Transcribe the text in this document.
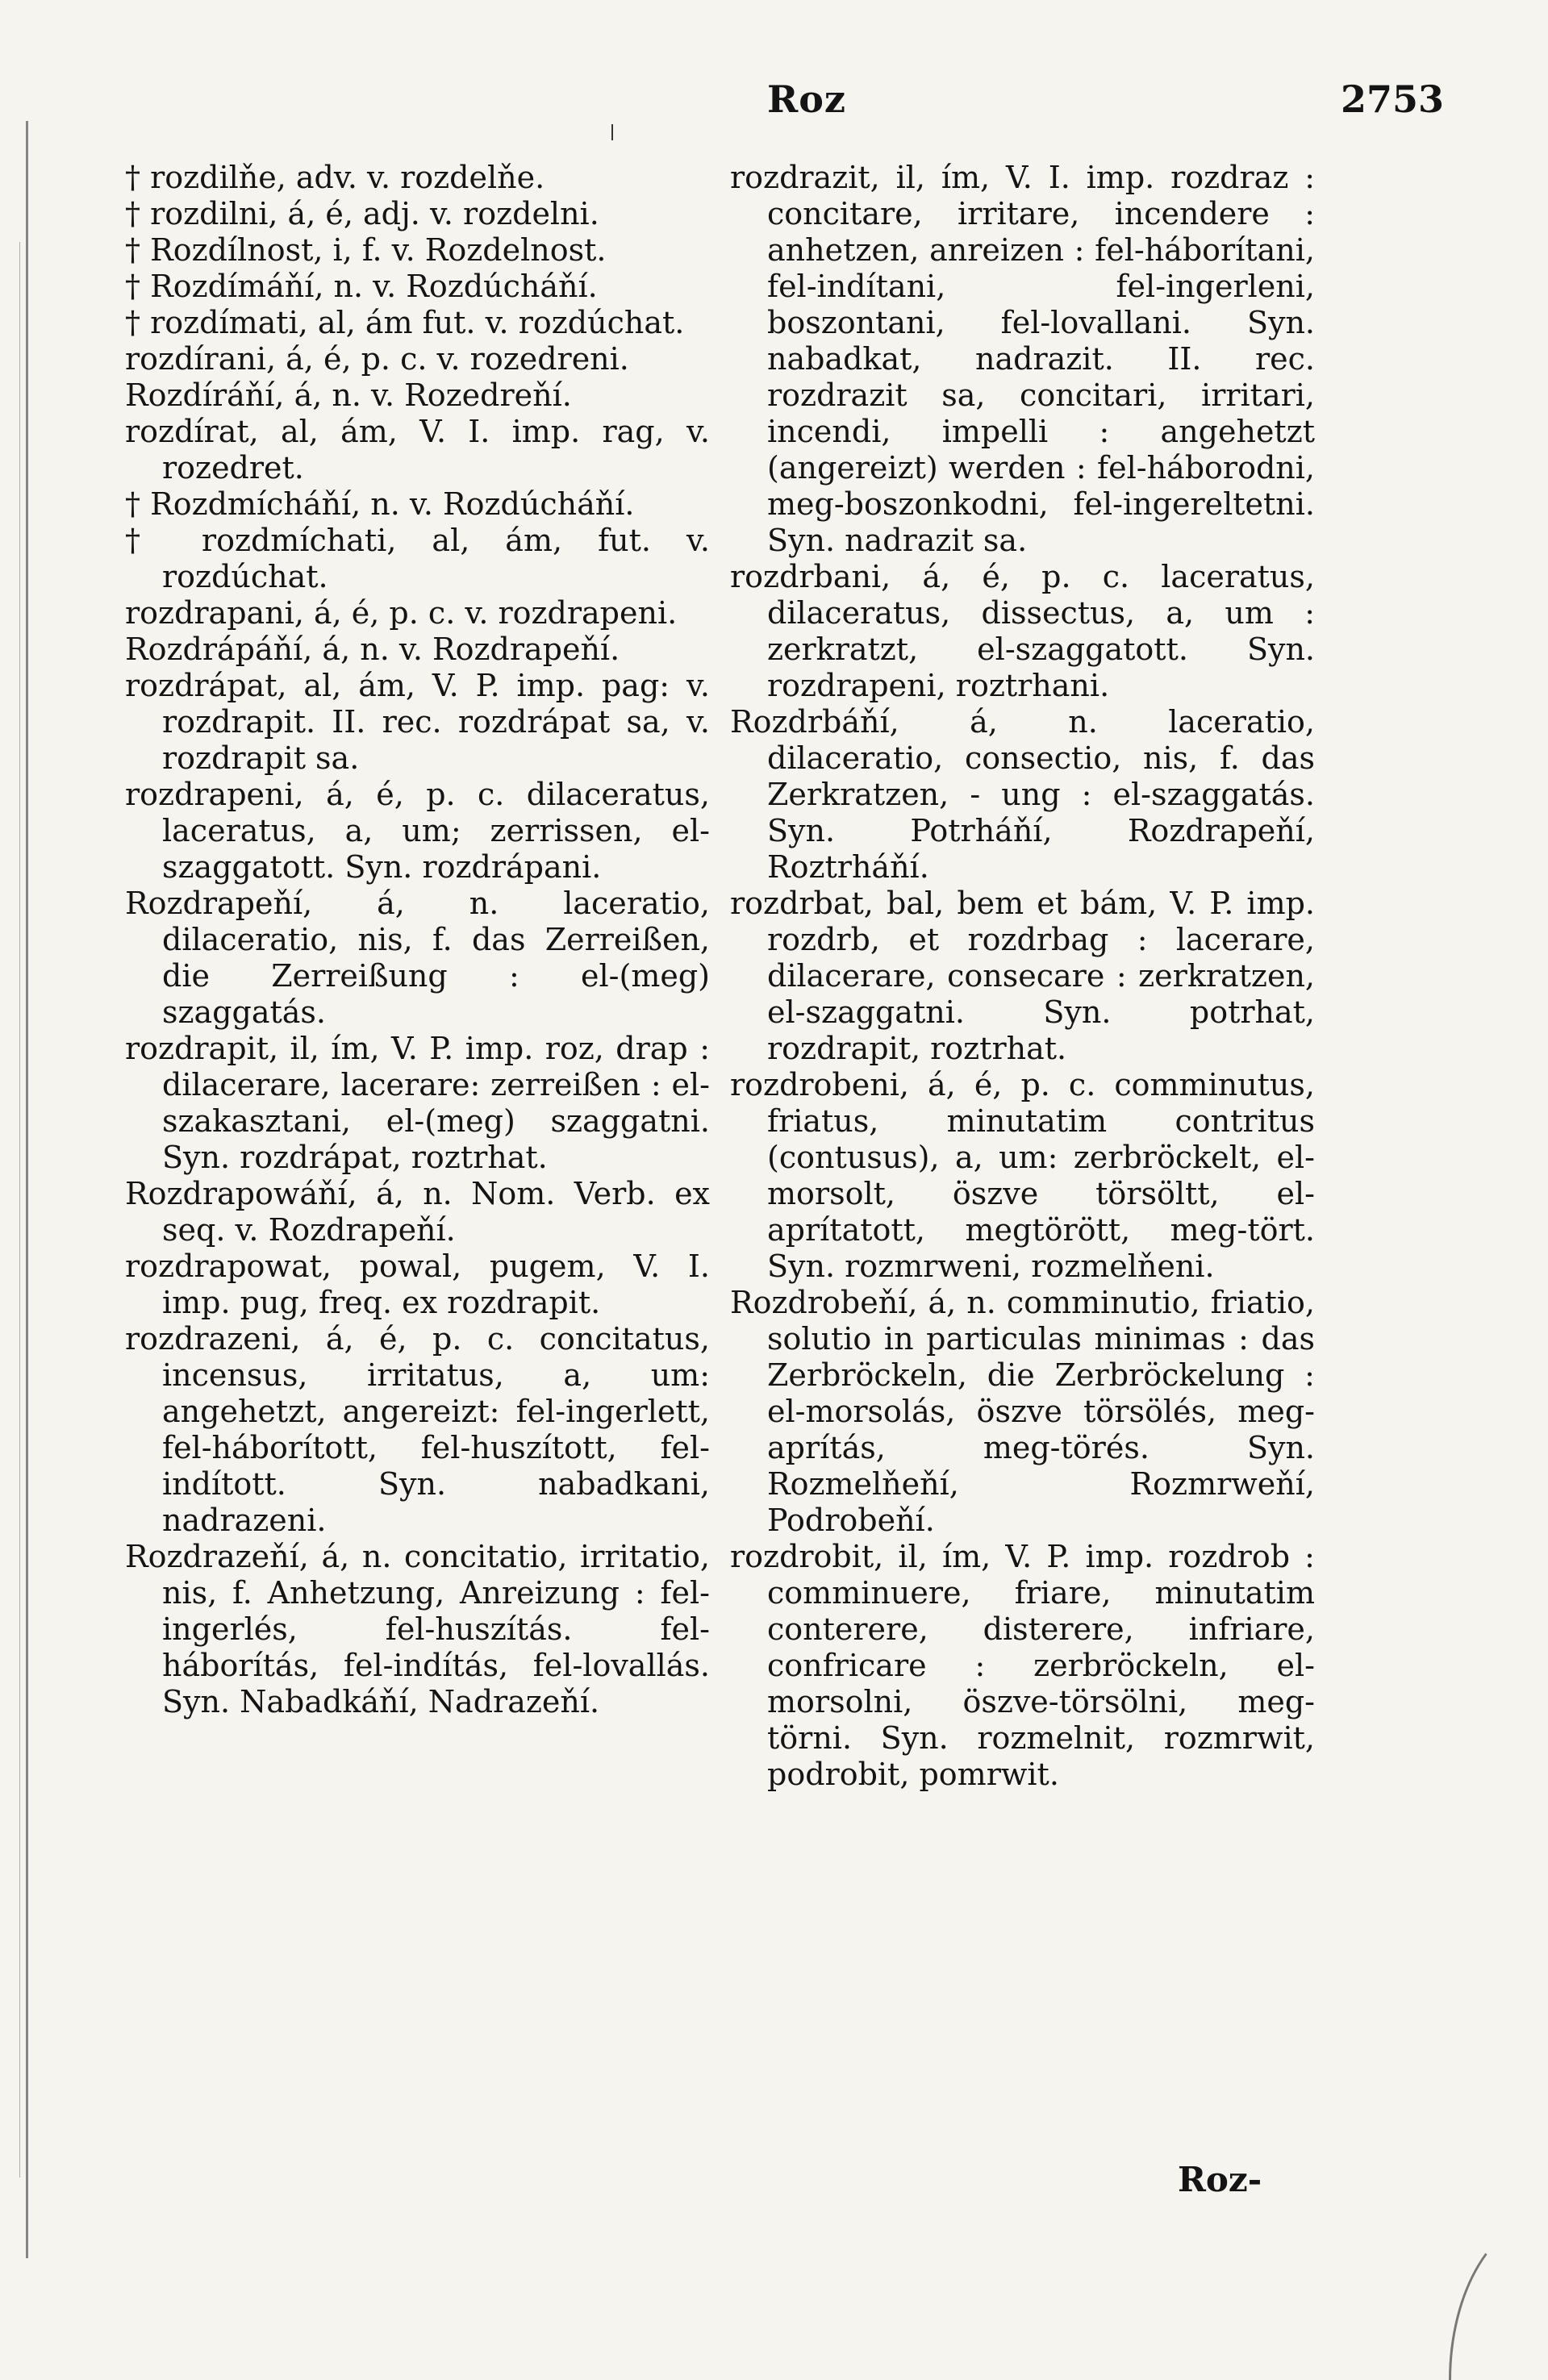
Roz	2753

† rozdilňe, adv. v. rozdelňe.

† rozdilni, á, é, adj. v. rozdelni.

† Rozdílnost, i, f. v. Rozdelnost.

† Rozdímáňí, n. v. Rozdúcháňí.

† rozdímati, al, ám fut. v. rozdúchat.

rozdírani, á, é, p. c. v. rozedreni.

Rozdíráňí, á, n. v. Rozedreňí.

rozdírat, al, ám, V. I. imp. rag, v. rozedret.

† Rozdmícháňí, n. v. Rozdúcháňí.

† rozdmíchati, al, ám, fut. v. rozdúchat.

rozdrapani, á, é, p. c. v. rozdrapeni.

Rozdrápáňí, á, n. v. Rozdrapeňí.

rozdrápat, al, ám, V. P. imp. pag: v. rozdrapit. II. rec. rozdrápat sa, v. rozdrapit sa.

rozdrapeni, á, é, p. c. dilaceratus, laceratus, a, um; zerrissen, el-szaggatott. Syn. rozdrápani.

Rozdrapeňí, á, n. laceratio, dilaceratio, nis, f. das Zerreißen, die Zerreißung : el-(meg) szaggatás.

rozdrapit, il, ím, V. P. imp. roz, drap : dilacerare, lacerare: zerreißen : el-szakasztani, el-(meg) szaggatni. Syn. rozdrápat, roztrhat.

Rozdrapowáňí, á, n. Nom. Verb. ex seq. v. Rozdrapeňí.

rozdrapowat, powal, pugem, V. I. imp. pug, freq. ex rozdrapit.

rozdrazeni, á, é, p. c. concitatus, incensus, irritatus, a, um: angehetzt, angereizt: fel-ingerlett, fel-háborított, fel-huszított, fel-indított. Syn. nabadkani, nadrazeni.

Rozdrazeňí, á, n. concitatio, irritatio, nis, f. Anhetzung, Anreizung : fel-ingerlés, fel-huszítás. fel-háborítás, fel-indítás, fel-lovallás. Syn. Nabadkáňí, Nadrazeňí.

rozdrazit, il, ím, V. I. imp. rozdraz : concitare, irritare, incendere : anhetzen, anreizen : fel-háborítani, fel-indítani, fel-ingerleni, boszontani, fel-lovallani. Syn. nabadkat, nadrazit. II. rec. rozdrazit sa, concitari, irritari, incendi, impelli : angehetzt (angereizt) werden : fel-háborodni, meg-boszonkodni, fel-ingereltetni. Syn. nadrazit sa.

rozdrbani, á, é, p. c. laceratus, dilaceratus, dissectus, a, um : zerkratzt, el-szaggatott. Syn. rozdrapeni, roztrhani.

Rozdrbáňí, á, n. laceratio, dilaceratio, consectio, nis, f. das Zerkratzen, - ung : el-szaggatás. Syn. Potrháňí, Rozdrapeňí, Roztrháňí.

rozdrbat, bal, bem et bám, V. P. imp. rozdrb, et rozdrbag : lacerare, dilacerare, consecare : zerkratzen, el-szaggatni. Syn. potrhat, rozdrapit, roztrhat.

rozdrobeni, á, é, p. c. comminutus, friatus, minutatim contritus (contusus), a, um: zerbröckelt, el-morsolt, öszve törsöltt, el-aprítatott, megtörött, meg-tört. Syn. rozmrweni, rozmelňeni.

Rozdrobeňí, á, n. comminutio, friatio, solutio in particulas minimas : das Zerbröckeln, die Zerbröckelung : el-morsolás, öszve törsölés, meg-aprítás, meg-törés. Syn. Rozmelňeňí, Rozmrweňí, Podrobeňí.

rozdrobit, il, ím, V. P. imp. rozdrob : comminuere, friare, minutatim conterere, disterere, infriare, confricare : zerbröckeln, el-morsolni, öszve-törsölni, meg-törni. Syn. rozmelnit, rozmrwit, podrobit, pomrwit.

Roz-
